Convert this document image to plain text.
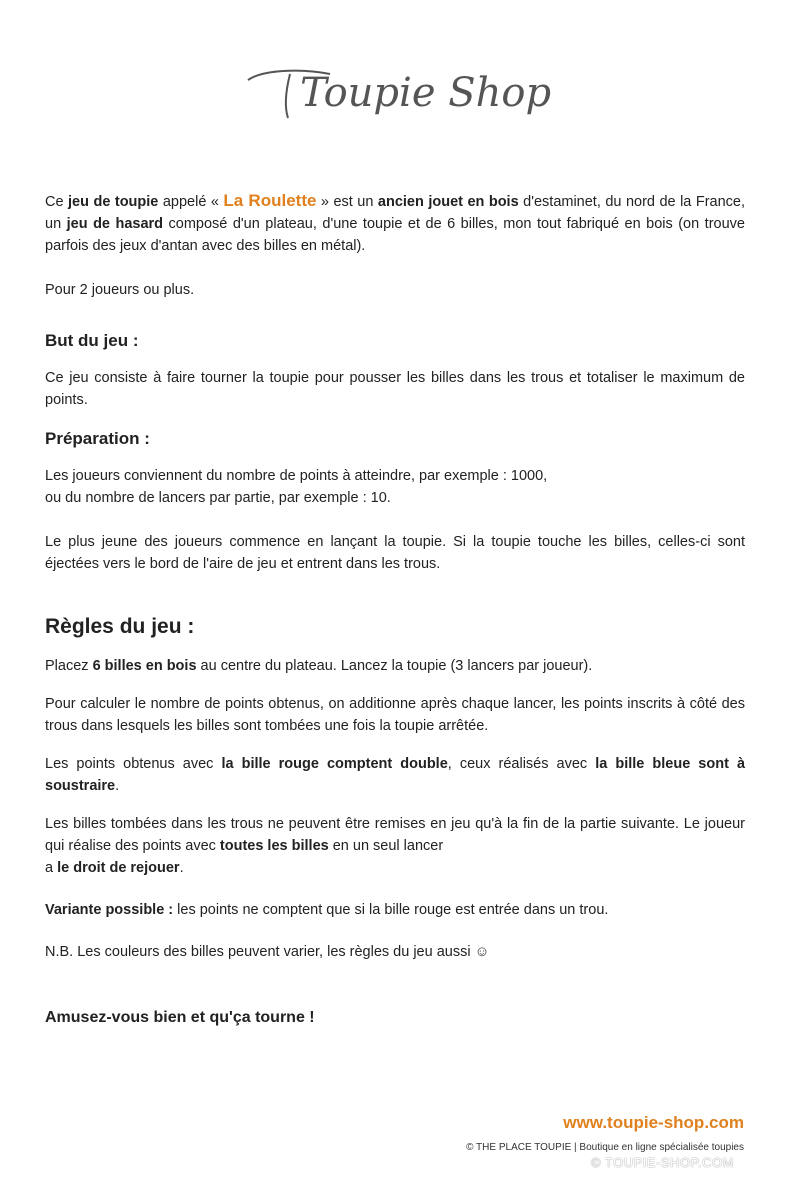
Toupie Shop

Ce jeu de toupie appelé « La Roulette » est un ancien jouet en bois d'estaminet, du nord de la France, un jeu de hasard composé d'un plateau, d'une toupie et de 6 billes, mon tout fabriqué en bois (on trouve parfois des jeux d'antan avec des billes en métal).

Pour 2 joueurs ou plus.

But du jeu :

Ce jeu consiste à faire tourner la toupie pour pousser les billes dans les trous et totaliser le maximum de points.

Préparation :

Les joueurs conviennent du nombre de points à atteindre, par exemple : 1000,

ou du nombre de lancers par partie, par exemple : 10.

Le plus jeune des joueurs commence en lançant la toupie. Si la toupie touche les billes, celles-ci sont éjectées vers le bord de l'aire de jeu et entrent dans les trous.

Règles du jeu :

Placez 6 billes en bois au centre du plateau. Lancez la toupie (3 lancers par joueur).

Pour calculer le nombre de points obtenus, on additionne après chaque lancer, les points inscrits à côté des trous dans lesquels les billes sont tombées une fois la toupie arrêtée.

Les points obtenus avec la bille rouge comptent double, ceux réalisés avec la bille bleue sont à soustraire.

Les billes tombées dans les trous ne peuvent être remises en jeu qu'à la fin de la partie suivante. Le joueur qui réalise des points avec toutes les billes en un seul lancer
a le droit de rejouer.

Variante possible : les points ne comptent que si la bille rouge est entrée dans un trou.

N.B. Les couleurs des billes peuvent varier, les règles du jeu aussi ☺

Amusez-vous bien et qu'ça tourne !

www.toupie-shop.com
© THE PLACE TOUPIE | Boutique en ligne spécialisée toupies
© TOUPIE-SHOP.COM
